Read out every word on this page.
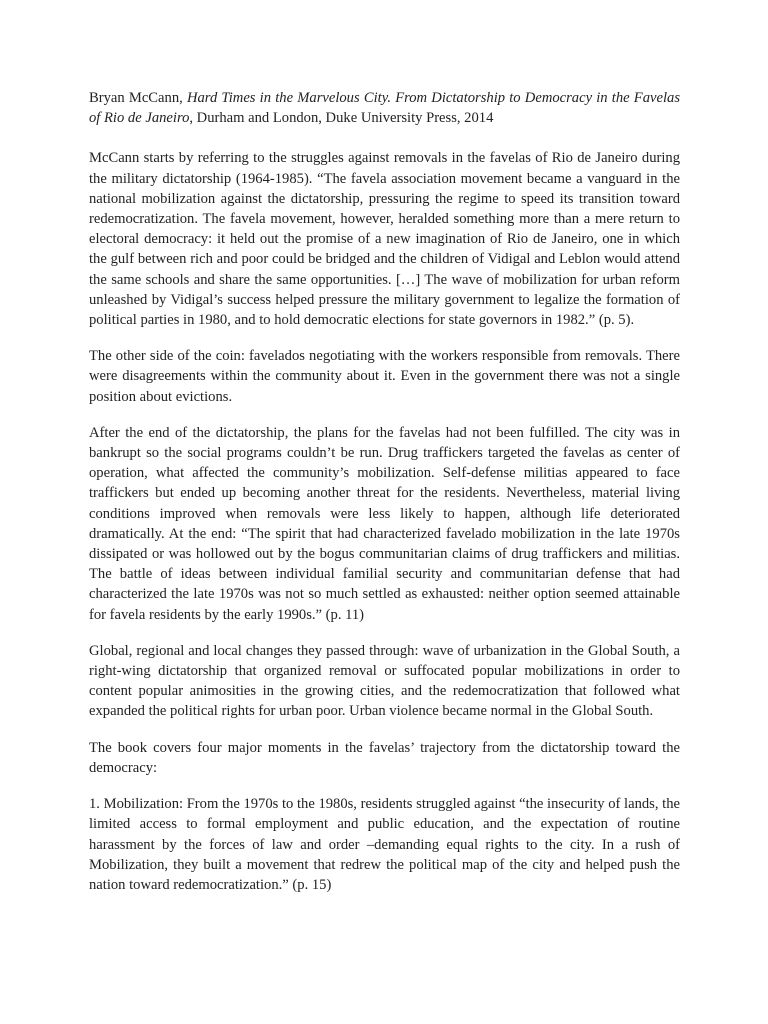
Bryan McCann, Hard Times in the Marvelous City. From Dictatorship to Democracy in the Favelas of Rio de Janeiro, Durham and London, Duke University Press, 2014

McCann starts by referring to the struggles against removals in the favelas of Rio de Janeiro during the military dictatorship (1964-1985). “The favela association movement became a vanguard in the national mobilization against the dictatorship, pressuring the regime to speed its transition toward redemocratization. The favela movement, however, heralded something more than a mere return to electoral democracy: it held out the promise of a new imagination of Rio de Janeiro, one in which the gulf between rich and poor could be bridged and the children of Vidigal and Leblon would attend the same schools and share the same opportunities. […] The wave of mobilization for urban reform unleashed by Vidigal’s success helped pressure the military government to legalize the formation of political parties in 1980, and to hold democratic elections for state governors in 1982.” (p. 5).

The other side of the coin: favelados negotiating with the workers responsible from removals. There were disagreements within the community about it. Even in the government there was not a single position about evictions.

After the end of the dictatorship, the plans for the favelas had not been fulfilled. The city was in bankrupt so the social programs couldn’t be run. Drug traffickers targeted the favelas as center of operation, what affected the community’s mobilization. Self-defense militias appeared to face traffickers but ended up becoming another threat for the residents. Nevertheless, material living conditions improved when removals were less likely to happen, although life deteriorated dramatically. At the end: “The spirit that had characterized favelado mobilization in the late 1970s dissipated or was hollowed out by the bogus communitarian claims of drug traffickers and militias. The battle of ideas between individual familial security and communitarian defense that had characterized the late 1970s was not so much settled as exhausted: neither option seemed attainable for favela residents by the early 1990s.” (p. 11)

Global, regional and local changes they passed through: wave of urbanization in the Global South, a right-wing dictatorship that organized removal or suffocated popular mobilizations in order to content popular animosities in the growing cities, and the redemocratization that followed what expanded the political rights for urban poor. Urban violence became normal in the Global South.

The book covers four major moments in the favelas’ trajectory from the dictatorship toward the democracy:

1. Mobilization: From the 1970s to the 1980s, residents struggled against “the insecurity of lands, the limited access to formal employment and public education, and the expectation of routine harassment by the forces of law and order –demanding equal rights to the city. In a rush of Mobilization, they built a movement that redrew the political map of the city and helped push the nation toward redemocratization.” (p. 15)
